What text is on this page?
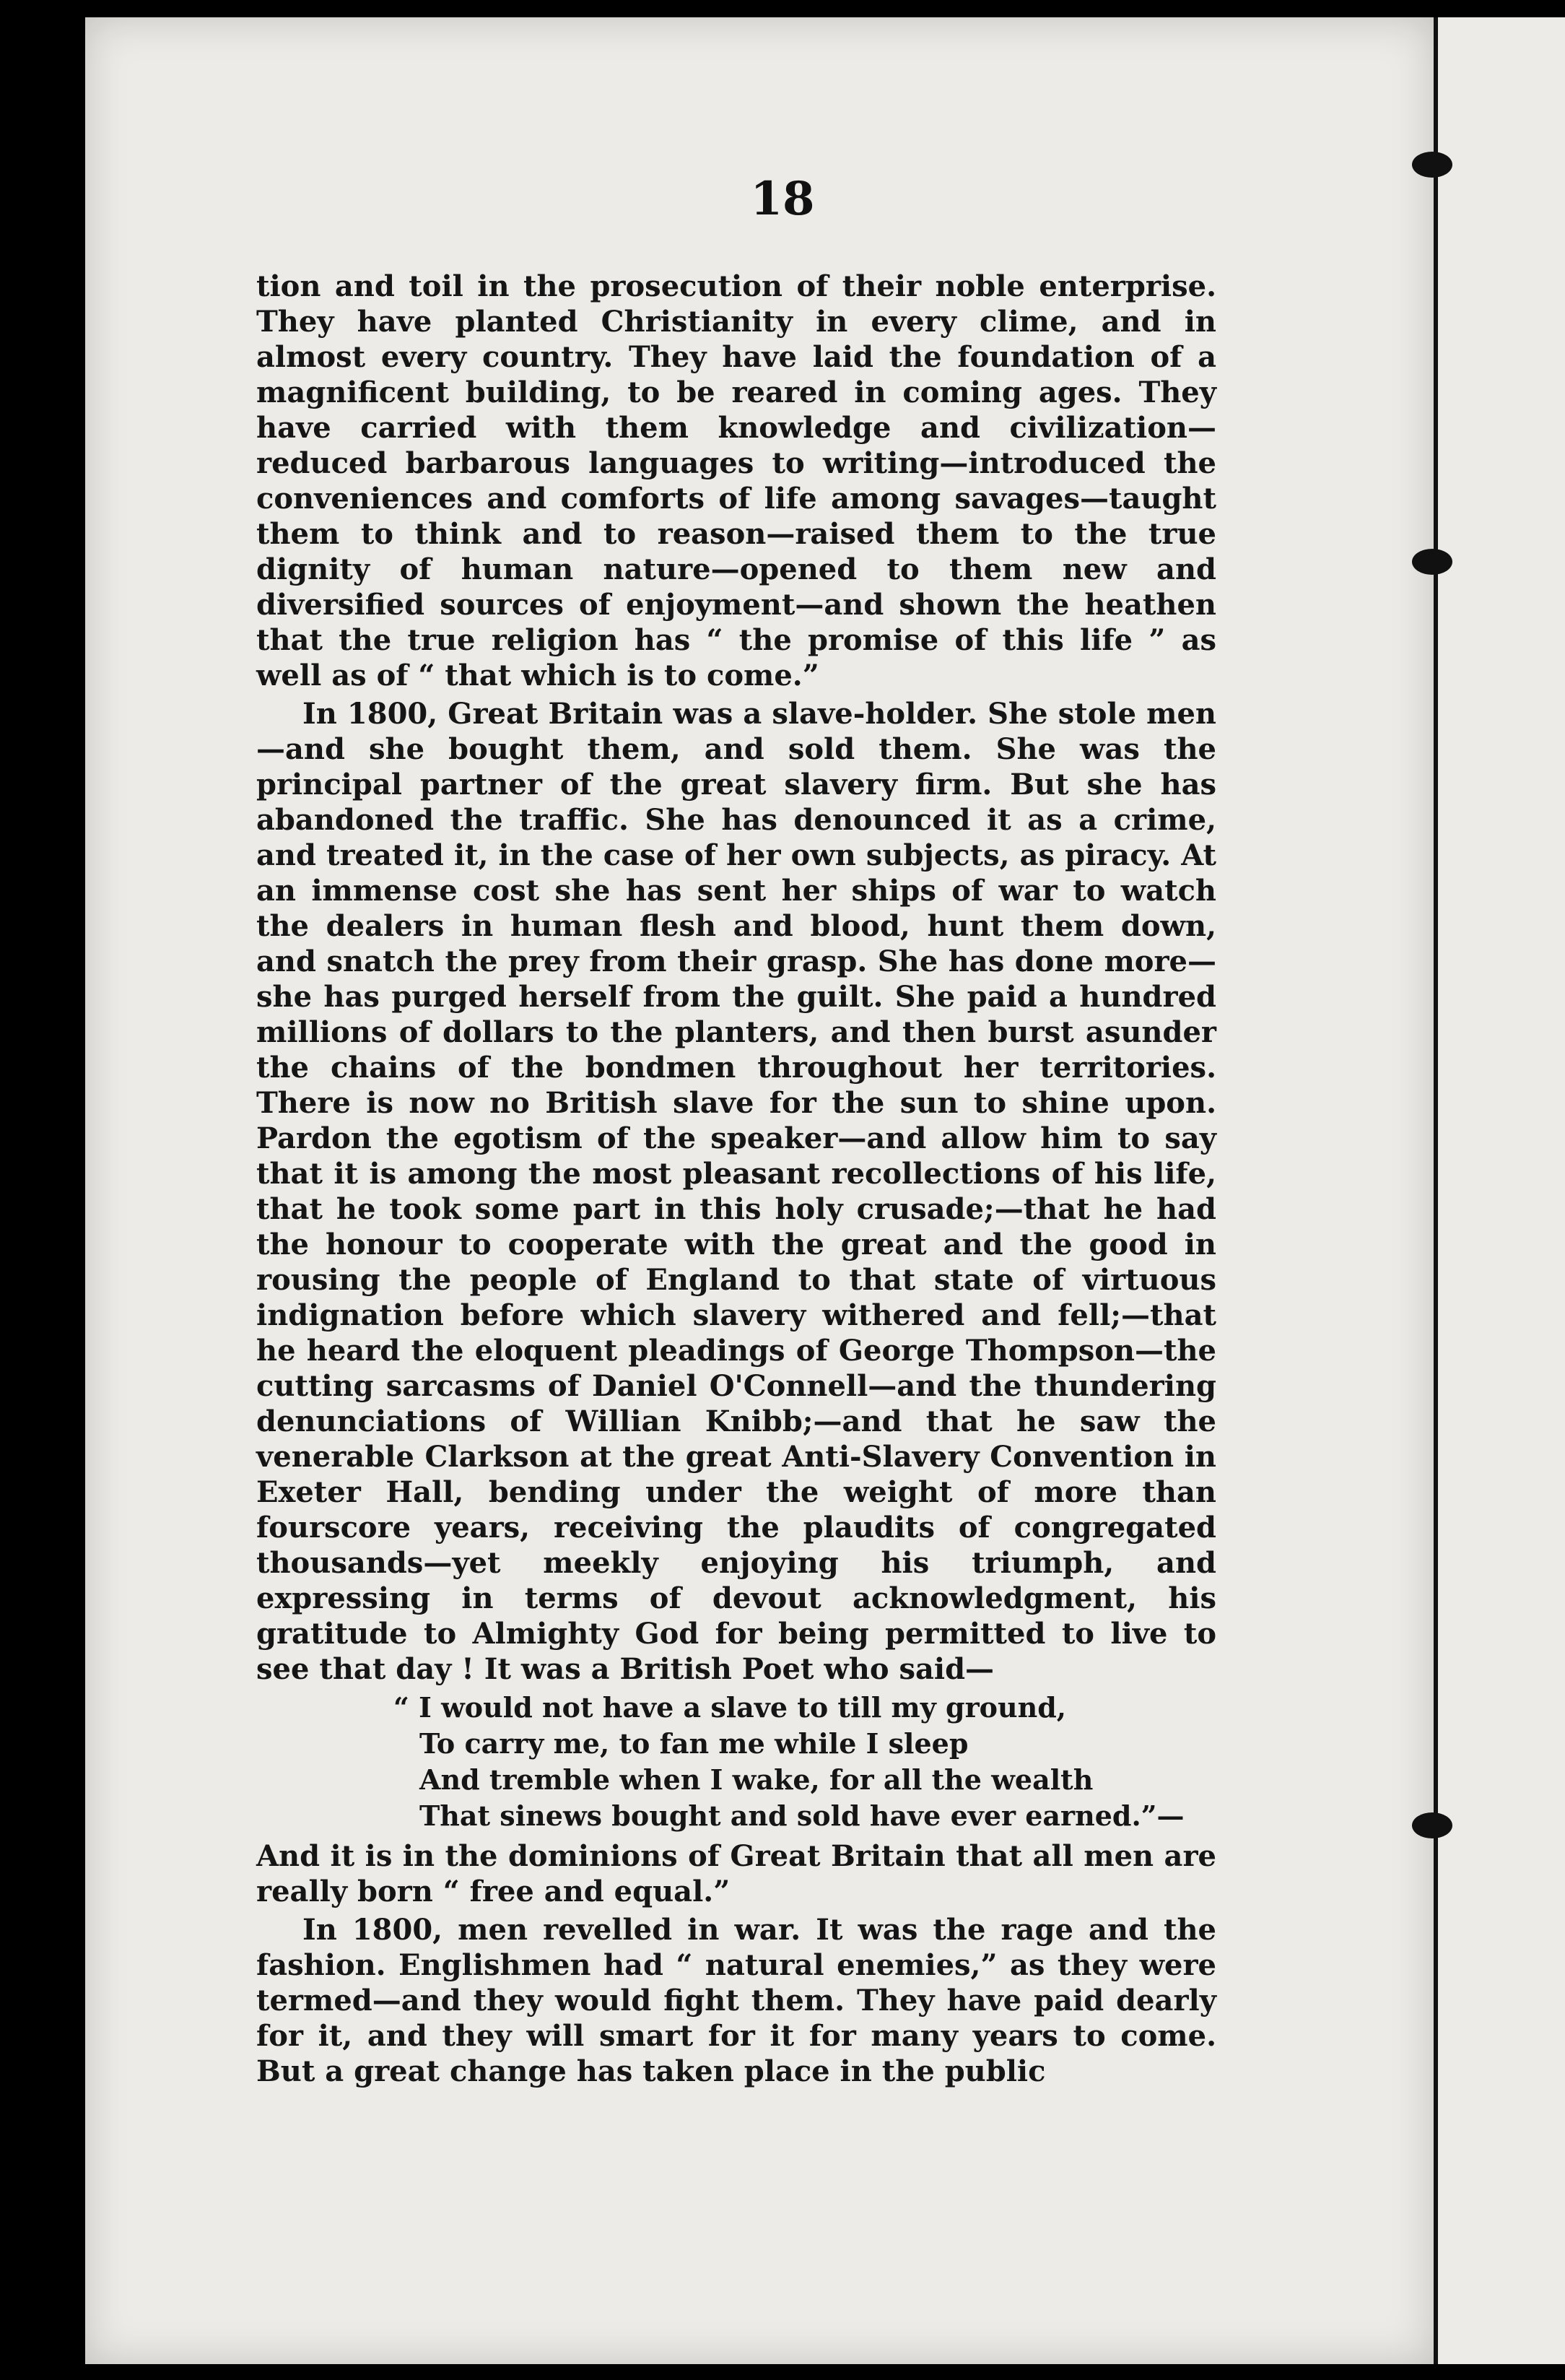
18

tion and toil in the prosecution of their noble enterprise. They have planted Christianity in every clime, and in almost every country. They have laid the foundation of a magnificent building, to be reared in coming ages. They have carried with them knowledge and civilization—reduced barbarous languages to writing—introduced the conveniences and comforts of life among savages—taught them to think and to reason—raised them to the true dignity of human nature—opened to them new and diversified sources of enjoyment—and shown the heathen that the true religion has “ the promise of this life ” as well as of “ that which is to come.”

In 1800, Great Britain was a slave-holder. She stole men—and she bought them, and sold them. She was the principal partner of the great slavery firm. But she has abandoned the traffic. She has denounced it as a crime, and treated it, in the case of her own subjects, as piracy. At an immense cost she has sent her ships of war to watch the dealers in human flesh and blood, hunt them down, and snatch the prey from their grasp. She has done more—she has purged herself from the guilt. She paid a hundred millions of dollars to the planters, and then burst asunder the chains of the bondmen throughout her territories. There is now no British slave for the sun to shine upon. Pardon the egotism of the speaker—and allow him to say that it is among the most pleasant recollections of his life, that he took some part in this holy crusade;—that he had the honour to cooperate with the great and the good in rousing the people of England to that state of virtuous indignation before which slavery withered and fell;—that he heard the eloquent pleadings of George Thompson—the cutting sarcasms of Daniel O'Connell—and the thundering denunciations of Willian Knibb;—and that he saw the venerable Clarkson at the great Anti-Slavery Convention in Exeter Hall, bending under the weight of more than fourscore years, receiving the plaudits of congregated thousands—yet meekly enjoying his triumph, and expressing in terms of devout acknowledgment, his gratitude to Almighty God for being permitted to live to see that day ! It was a British Poet who said—

“ I would not have a slave to till my ground,
To carry me, to fan me while I sleep
And tremble when I wake, for all the wealth
That sinews bought and sold have ever earned.”—

And it is in the dominions of Great Britain that all men are really born “ free and equal.”

In 1800, men revelled in war. It was the rage and the fashion. Englishmen had “ natural enemies,” as they were termed—and they would fight them. They have paid dearly for it, and they will smart for it for many years to come. But a great change has taken place in the public
